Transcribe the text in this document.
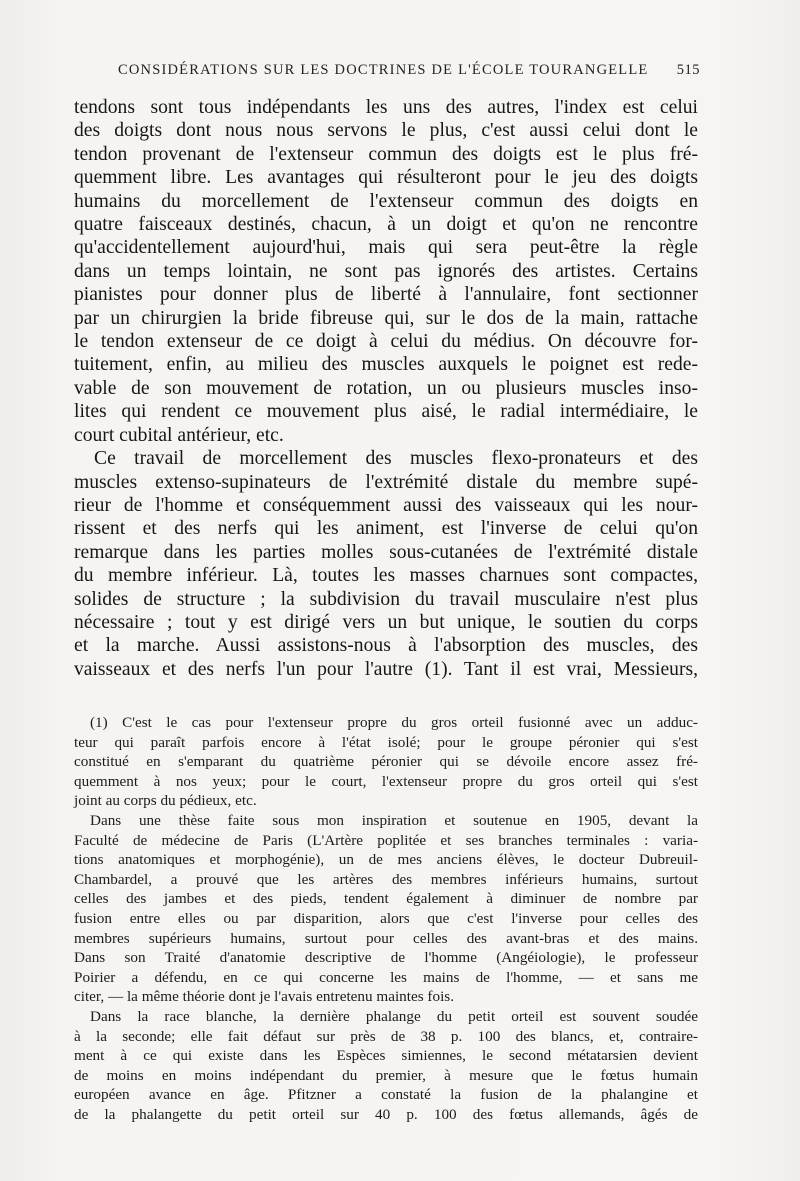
CONSIDÉRATIONS SUR LES DOCTRINES DE L'ÉCOLE TOURANGELLE 515

tendons sont tous indépendants les uns des autres, l'index est celui
des doigts dont nous nous servons le plus, c'est aussi celui dont le
tendon provenant de l'extenseur commun des doigts est le plus fré-
quemment libre. Les avantages qui résulteront pour le jeu des doigts
humains du morcellement de l'extenseur commun des doigts en
quatre faisceaux destinés, chacun, à un doigt et qu'on ne rencontre
qu'accidentellement aujourd'hui, mais qui sera peut-être la règle
dans un temps lointain, ne sont pas ignorés des artistes. Certains
pianistes pour donner plus de liberté à l'annulaire, font sectionner
par un chirurgien la bride fibreuse qui, sur le dos de la main, rattache
le tendon extenseur de ce doigt à celui du médius. On découvre for-
tuitement, enfin, au milieu des muscles auxquels le poignet est rede-
vable de son mouvement de rotation, un ou plusieurs muscles inso-
lites qui rendent ce mouvement plus aisé, le radial intermédiaire, le
court cubital antérieur, etc.

Ce travail de morcellement des muscles flexo-pronateurs et des
muscles extenso-supinateurs de l'extrémité distale du membre supé-
rieur de l'homme et conséquemment aussi des vaisseaux qui les nour-
rissent et des nerfs qui les animent, est l'inverse de celui qu'on
remarque dans les parties molles sous-cutanées de l'extrémité distale
du membre inférieur. Là, toutes les masses charnues sont compactes,
solides de structure ; la subdivision du travail musculaire n'est plus
nécessaire ; tout y est dirigé vers un but unique, le soutien du corps
et la marche. Aussi assistons-nous à l'absorption des muscles, des
vaisseaux et des nerfs l'un pour l'autre (1). Tant il est vrai, Messieurs,

(1) C'est le cas pour l'extenseur propre du gros orteil fusionné avec un adduc-
teur qui paraît parfois encore à l'état isolé; pour le groupe péronier qui s'est
constitué en s'emparant du quatrième péronier qui se dévoile encore assez fré-
quemment à nos yeux; pour le court, l'extenseur propre du gros orteil qui s'est
joint au corps du pédieux, etc.

Dans une thèse faite sous mon inspiration et soutenue en 1905, devant la
Faculté de médecine de Paris (L'Artère poplitée et ses branches terminales : varia-
tions anatomiques et morphogénie), un de mes anciens élèves, le docteur Dubreuil-
Chambardel, a prouvé que les artères des membres inférieurs humains, surtout
celles des jambes et des pieds, tendent également à diminuer de nombre par
fusion entre elles ou par disparition, alors que c'est l'inverse pour celles des
membres supérieurs humains, surtout pour celles des avant-bras et des mains.
Dans son Traité d'anatomie descriptive de l'homme (Angéiologie), le professeur
Poirier a défendu, en ce qui concerne les mains de l'homme, — et sans me
citer, — la même théorie dont je l'avais entretenu maintes fois.

Dans la race blanche, la dernière phalange du petit orteil est souvent soudée
à la seconde; elle fait défaut sur près de 38 p. 100 des blancs, et, contraire-
ment à ce qui existe dans les Espèces simiennes, le second métatarsien devient
de moins en moins indépendant du premier, à mesure que le fœtus humain
européen avance en âge. Pfitzner a constaté la fusion de la phalangine et
de la phalangette du petit orteil sur 40 p. 100 des fœtus allemands, âgés de
